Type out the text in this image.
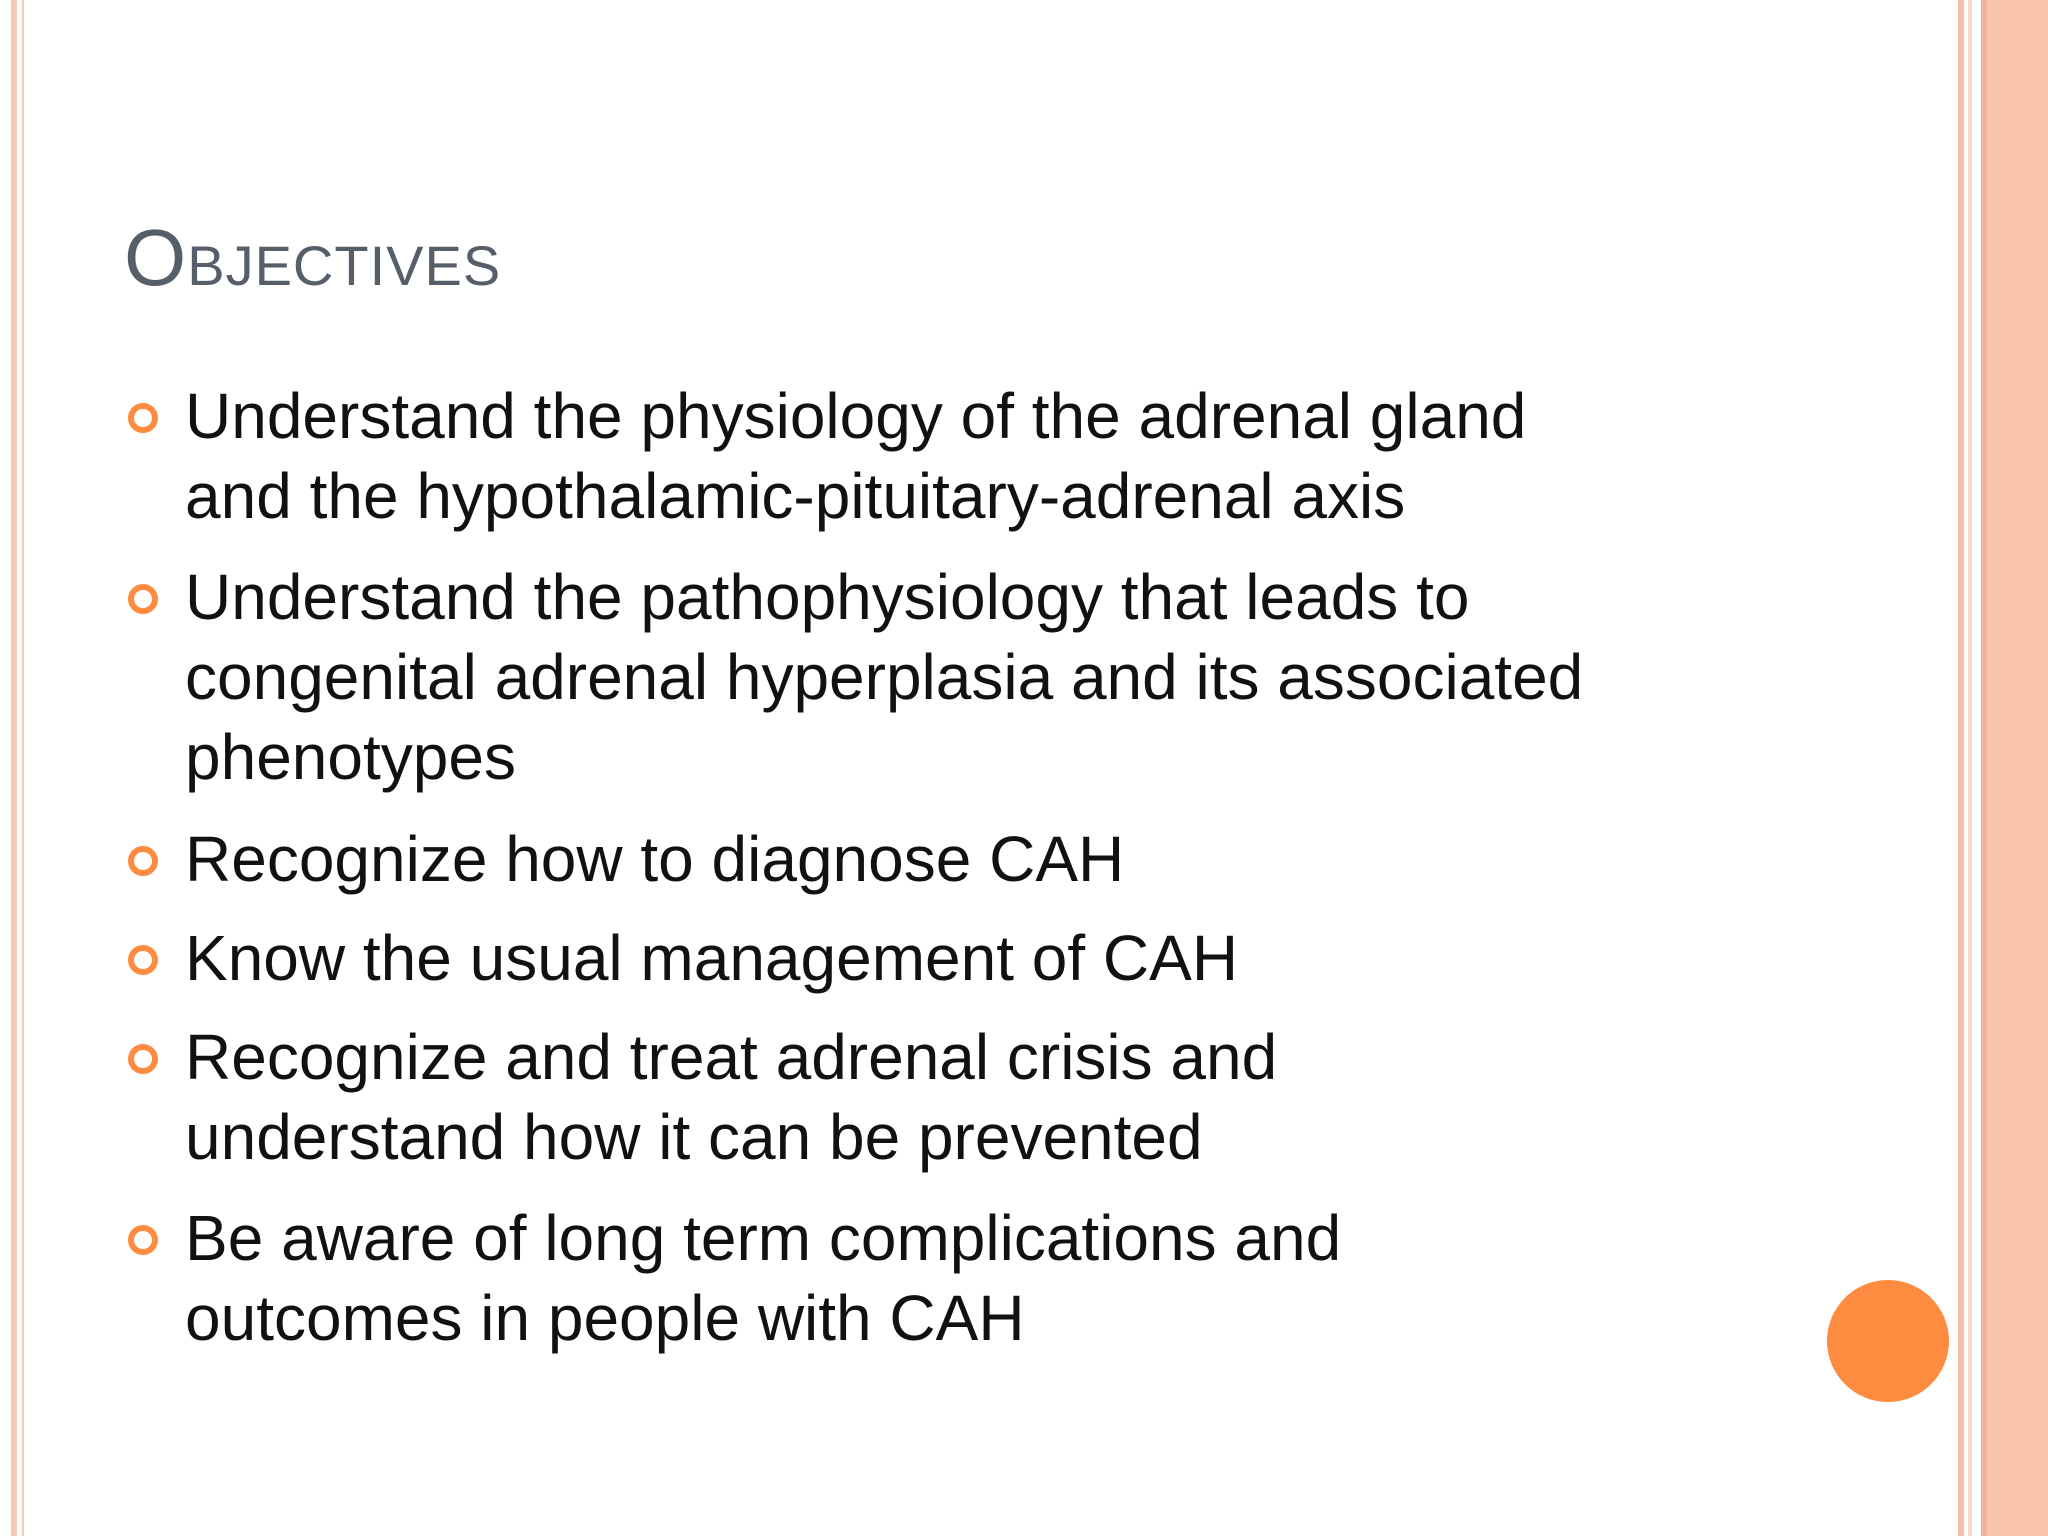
Objectives
Understand the physiology of the adrenal gland
and the hypothalamic-pituitary-adrenal axis
Understand the pathophysiology that leads to
congenital adrenal hyperplasia and its associated
phenotypes
Recognize how to diagnose CAH
Know the usual management of CAH
Recognize and treat adrenal crisis and
understand how it can be prevented
Be aware of long term complications and
outcomes in people with CAH
